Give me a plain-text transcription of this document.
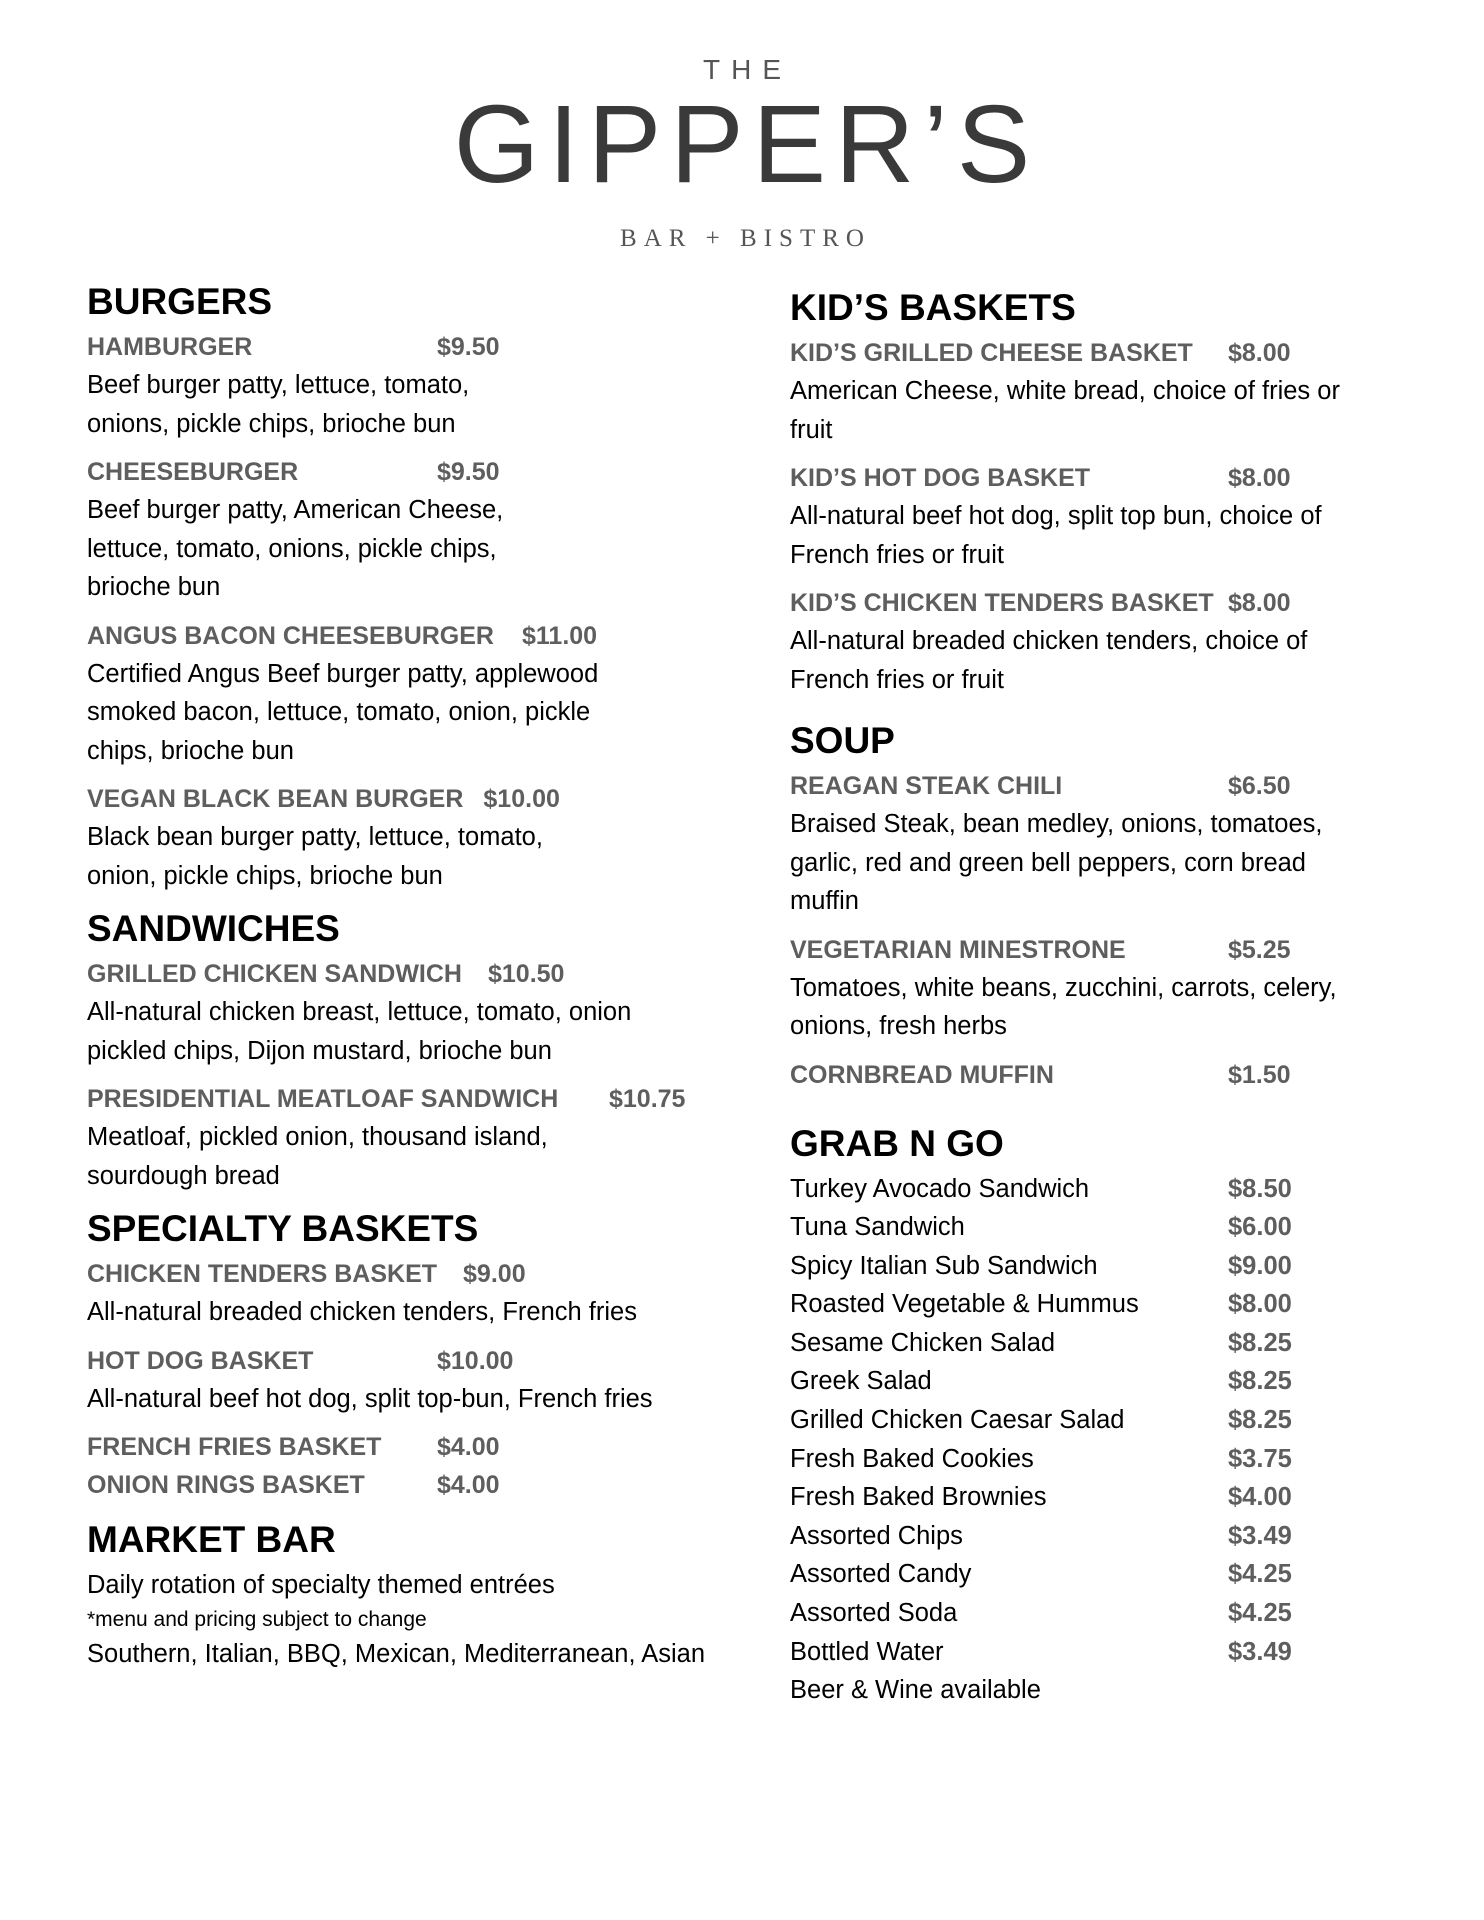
THE
GIPPER’S
BAR + BISTRO
BURGERS
HAMBURGER	$9.50
Beef burger patty, lettuce, tomato,
onions, pickle chips, brioche bun
CHEESEBURGER	$9.50
Beef burger patty, American Cheese,
lettuce, tomato, onions, pickle chips,
brioche bun
ANGUS BACON CHEESEBURGER $11.00
Certified Angus Beef burger patty, applewood
smoked bacon, lettuce, tomato, onion, pickle
chips, brioche bun
VEGAN BLACK BEAN BURGER $10.00
Black bean burger patty, lettuce, tomato,
onion, pickle chips, brioche bun
SANDWICHES
GRILLED CHICKEN SANDWICH $10.50
All-natural chicken breast, lettuce, tomato, onion
pickled chips, Dijon mustard, brioche bun
PRESIDENTIAL MEATLOAF SANDWICH	$10.75
Meatloaf, pickled onion, thousand island,
sourdough bread
SPECIALTY BASKETS
CHICKEN TENDERS BASKET $9.00
All-natural breaded chicken tenders, French fries
HOT DOG BASKET	$10.00
All-natural beef hot dog, split top-bun, French fries
FRENCH FRIES BASKET	$4.00
ONION RINGS BASKET	$4.00
MARKET BAR
Daily rotation of specialty themed entrées
*menu and pricing subject to change
Southern, Italian, BBQ, Mexican, Mediterranean, Asian
KID’S BASKETS
KID’S GRILLED CHEESE BASKET	$8.00
American Cheese, white bread, choice of fries or
fruit
KID’S HOT DOG BASKET	$8.00
All-natural beef hot dog, split top bun, choice of
French fries or fruit
KID’S CHICKEN TENDERS BASKET $8.00
All-natural breaded chicken tenders, choice of
French fries or fruit
SOUP
REAGAN STEAK CHILI	$6.50
Braised Steak, bean medley, onions, tomatoes,
garlic, red and green bell peppers, corn bread
muffin
VEGETARIAN MINESTRONE	$5.25
Tomatoes, white beans, zucchini, carrots, celery,
onions, fresh herbs
CORNBREAD MUFFIN	$1.50
GRAB N GO
Turkey Avocado Sandwich	$8.50
Tuna Sandwich	$6.00
Spicy Italian Sub Sandwich	$9.00
Roasted Vegetable & Hummus	$8.00
Sesame Chicken Salad	$8.25
Greek Salad	$8.25
Grilled Chicken Caesar Salad	$8.25
Fresh Baked Cookies	$3.75
Fresh Baked Brownies	$4.00
Assorted Chips	$3.49
Assorted Candy	$4.25
Assorted Soda	$4.25
Bottled Water	$3.49
Beer & Wine available
